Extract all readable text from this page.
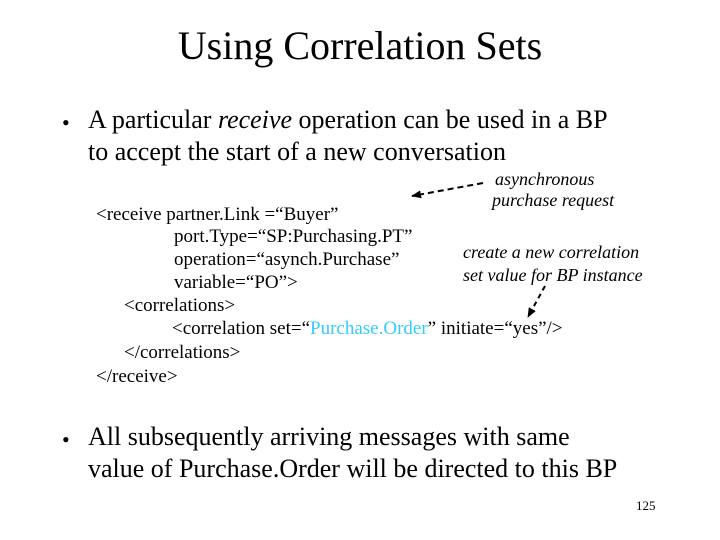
Using Correlation Sets
• A particular receive operation can be used in a BP
to accept the start of a new conversation
<receive partner.Link =“Buyer”
port.Type=“SP:Purchasing.PT”
operation=“asynch.Purchase”
variable=“PO”>
<correlations>
<correlation set=“Purchase.Order” initiate=“yes”/>
</correlations>
</receive>
asynchronous
purchase request
create a new correlation
set value for BP instance
• All subsequently arriving messages with same
value of Purchase.Order will be directed to this BP
125
